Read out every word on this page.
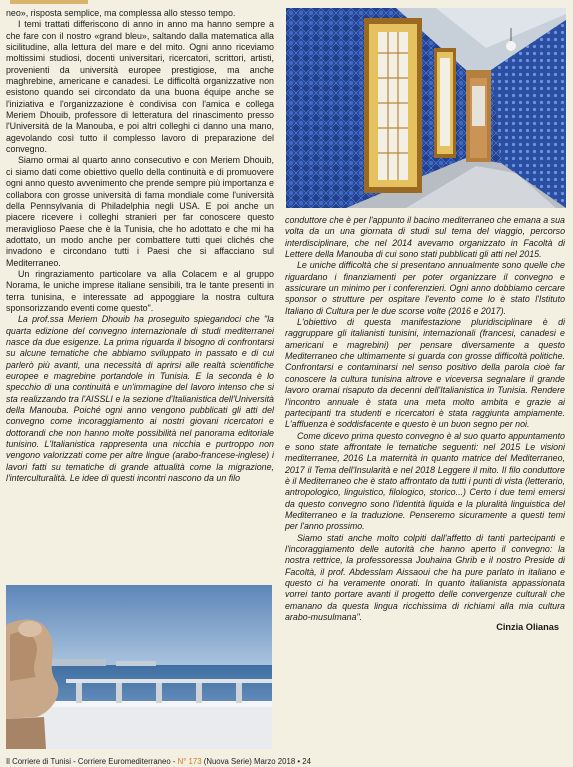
neo», risposta semplice, ma complessa allo stesso tempo.

I temi trattati differiscono di anno in anno ma hanno sempre a che fare con il nostro «grand bleu», saltando dalla matematica alla sicilitudine, alla lettura del mare e del mito. Ogni anno riceviamo moltissimi studiosi, docenti universitari, ricercatori, scrittori, artisti, provenienti da università europee prestigiose, ma anche maghrebine, americane e canadesi. Le difficoltà organizzative non esistono quando sei circondato da una buona équipe anche se l'iniziativa e l'organizzazione è condivisa con l'amica e collega Meriem Dhouib, professore di letteratura del rinascimento presso l'Università de la Manouba, e poi altri colleghi ci danno una mano, agevolando così tutto il complesso lavoro di preparazione del convegno.

Siamo ormai al quarto anno consecutivo e con Meriem Dhouib, ci siamo dati come obiettivo quello della continuità e di promuovere ogni anno questo avvenimento che prende sempre più importanza e collabora con grosse università di fama mondiale come l'università della Pennsylvania di Philadelphia negli USA. E poi anche un piacere ricevere i colleghi stranieri per far conoscere questo meraviglioso Paese che è la Tunisia, che ho adottato e che mi ha adottato, un modo anche per combattere tutti quei clichés che invadono e circondano tutti i Paesi che si affacciano sul Mediterraneo.

Un ringraziamento particolare va alla Colacem e al gruppo Norama, le uniche imprese italiane sensibili, tra le tante presenti in terra tunisina, e interessate ad appoggiare la nostra cultura sponsorizzando eventi come questo".

La prof.ssa Meriem Dhouib ha proseguito spiegandoci che "la quarta edizione del convegno internazionale di studi mediterranei nasce da due esigenze. La prima riguarda il bisogno di confrontarsi su alcune tematiche che abbiamo sviluppato in passato e di cui parlerò più avanti, una necessità di aprirsi alle realtà scientifiche europee e magrebine portandole in Tunisia. E la seconda è lo specchio di una continuità e un'immagine del lavoro intenso che si sta realizzando tra l'AISSLI e la sezione d'Italianistica dell'Università della Manouba. Poiché ogni anno vengono pubblicati gli atti del convegno come incoraggiamento ai nostri giovani ricercatori e dottorandi che non hanno molte possibilità nel panorama editoriale tunisino. L'Italianistica rappresenta una nicchia e purtroppo non vengono valorizzati come per altre lingue (arabo-francese-inglese) i lavori fatti su tematiche di grande attualità come la migrazione, l'interculturalità. Le idee di questi incontri nascono da un filo

conduttore che è per l'appunto il bacino mediterraneo che emana a sua volta da un una giornata di studi sul tema del viaggio, percorso interdisciplinare, che nel 2014 avevamo organizzato in Facoltà di Lettere della Manouba di cui sono stati pubblicati gli atti nel 2015.

Le uniche difficoltà che si presentano annualmente sono quelle che riguardano i finanziamenti per poter organizzare il convegno e assicurare un minimo per i conferenzieri. Ogni anno dobbiamo cercare sponsor o strutture per ospitare l'evento come lo è stato l'Istituto Italiano di Cultura per le due scorse volte (2016 e 2017).

L'obiettivo di questa manifestazione pluridisciplinare è di raggruppare gli italianisti tunisini, internazionali (francesi, canadesi e americani e magrebini) per pensare diversamente a questo Mediterraneo che ultimamente si guarda con grosse difficoltà politiche. Confrontarsi e contaminarsi nel senso positivo della parola cioè far conoscere la cultura tunisina altrove e viceversa segnalare il grande lavoro oramai risaputo da decenni dell'Italianistica in Tunisia. Rendere l'incontro annuale è stata una meta molto ambita e grazie ai partecipanti tra studenti e ricercatori è stata raggiunta ampiamente. L'affluenza è soddisfacente e questo è un buon segno per noi.

Come dicevo prima questo convegno è al suo quarto appuntamento e sono state affrontate le tematiche seguenti: nel 2015 Le visioni mediterranee, 2016 La maternità in quanto matrice del Mediterraneo, 2017 il Tema dell'Insularità e nel 2018 Leggere il mito. Il filo conduttore è il Mediterraneo che è stato affrontato da tutti i punti di vista (letterario, antropologico, linguistico, filologico, storico...) Certo i due temi emersi da questo convegno sono l'identità liquida e la pluralità linguistica del Mediterraneo e la traduzione. Penseremo sicuramente a questi temi per l'anno prossimo.

Siamo stati anche molto colpiti dall'affetto di tanti partecipanti e l'incoraggiamento delle autorità che hanno aperto il convegno: la nostra rettrice, la professoressa Jouhaina Ghrib e il nostro Preside di Facoltà, il prof. Abdesslam Aissaoui che ha pure parlato in italiano e questo ci ha veramente onorati. In quanto italianista appassionata vorrei tanto portare avanti il progetto delle convergenze culturali che emanano da questa lingua ricchissima di richiami alla mia cultura arabo-musulmana".

Cinzia Olianas
Il Corriere di Tunisi - Corriere Euromediterraneo - N° 173 (Nuova Serie) Marzo 2018 • 24
